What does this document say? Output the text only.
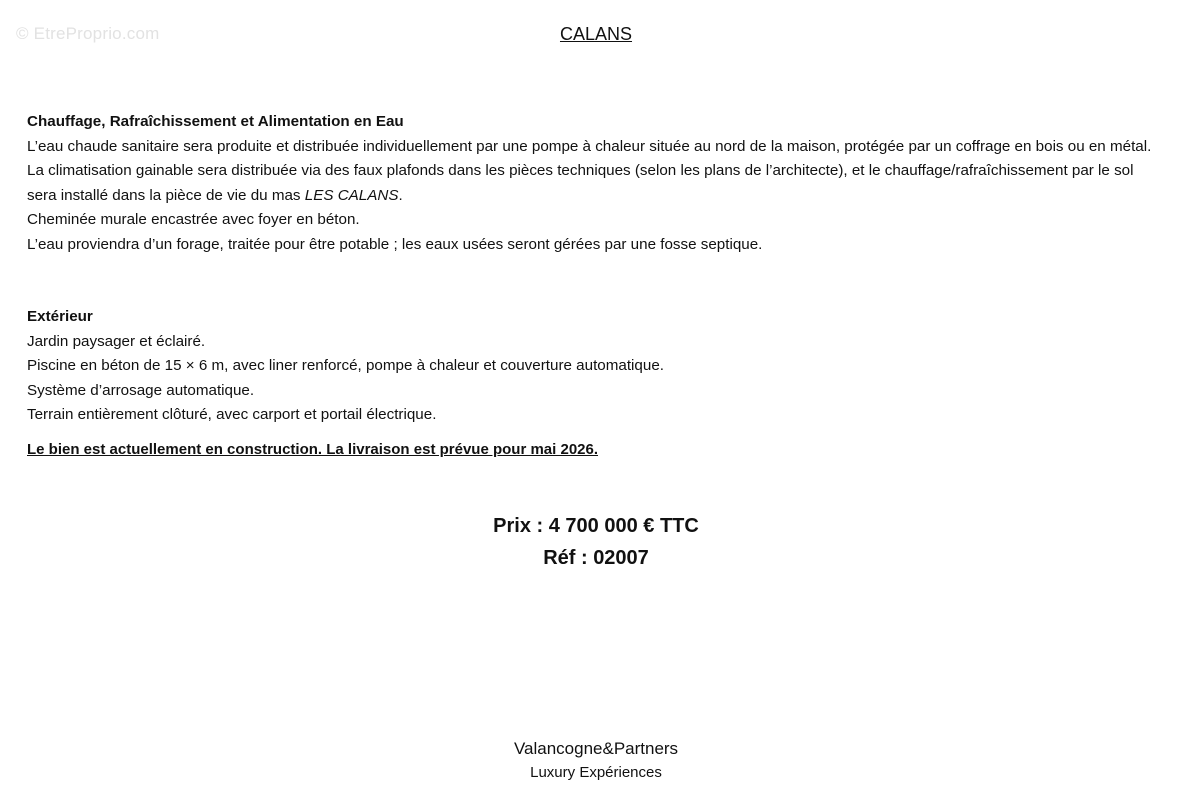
© EtreProprio.com	CALANS

Chauffage, Rafraîchissement et Alimentation en Eau

L’eau chaude sanitaire sera produite et distribuée individuellement par une pompe à chaleur située au nord de la maison, protégée par un coffrage en bois ou en métal. La climatisation gainable sera distribuée via des faux plafonds dans les pièces techniques (selon les plans de l’architecte), et le chauffage/rafraîchissement par le sol sera installé dans la pièce de vie du mas LES CALANS.

Cheminée murale encastrée avec foyer en béton.

L’eau proviendra d’un forage, traitée pour être potable ; les eaux usées seront gérées par une fosse septique.

Extérieur

Jardin paysager et éclairé.

Piscine en béton de 15 × 6 m, avec liner renforcé, pompe à chaleur et couverture automatique.

Système d’arrosage automatique.

Terrain entièrement clôturé, avec carport et portail électrique.

Le bien est actuellement en construction. La livraison est prévue pour mai 2026.
Prix : 4 700 000 € TTC
Réf : 02007
Valancogne&Partners
Luxury Expériences
